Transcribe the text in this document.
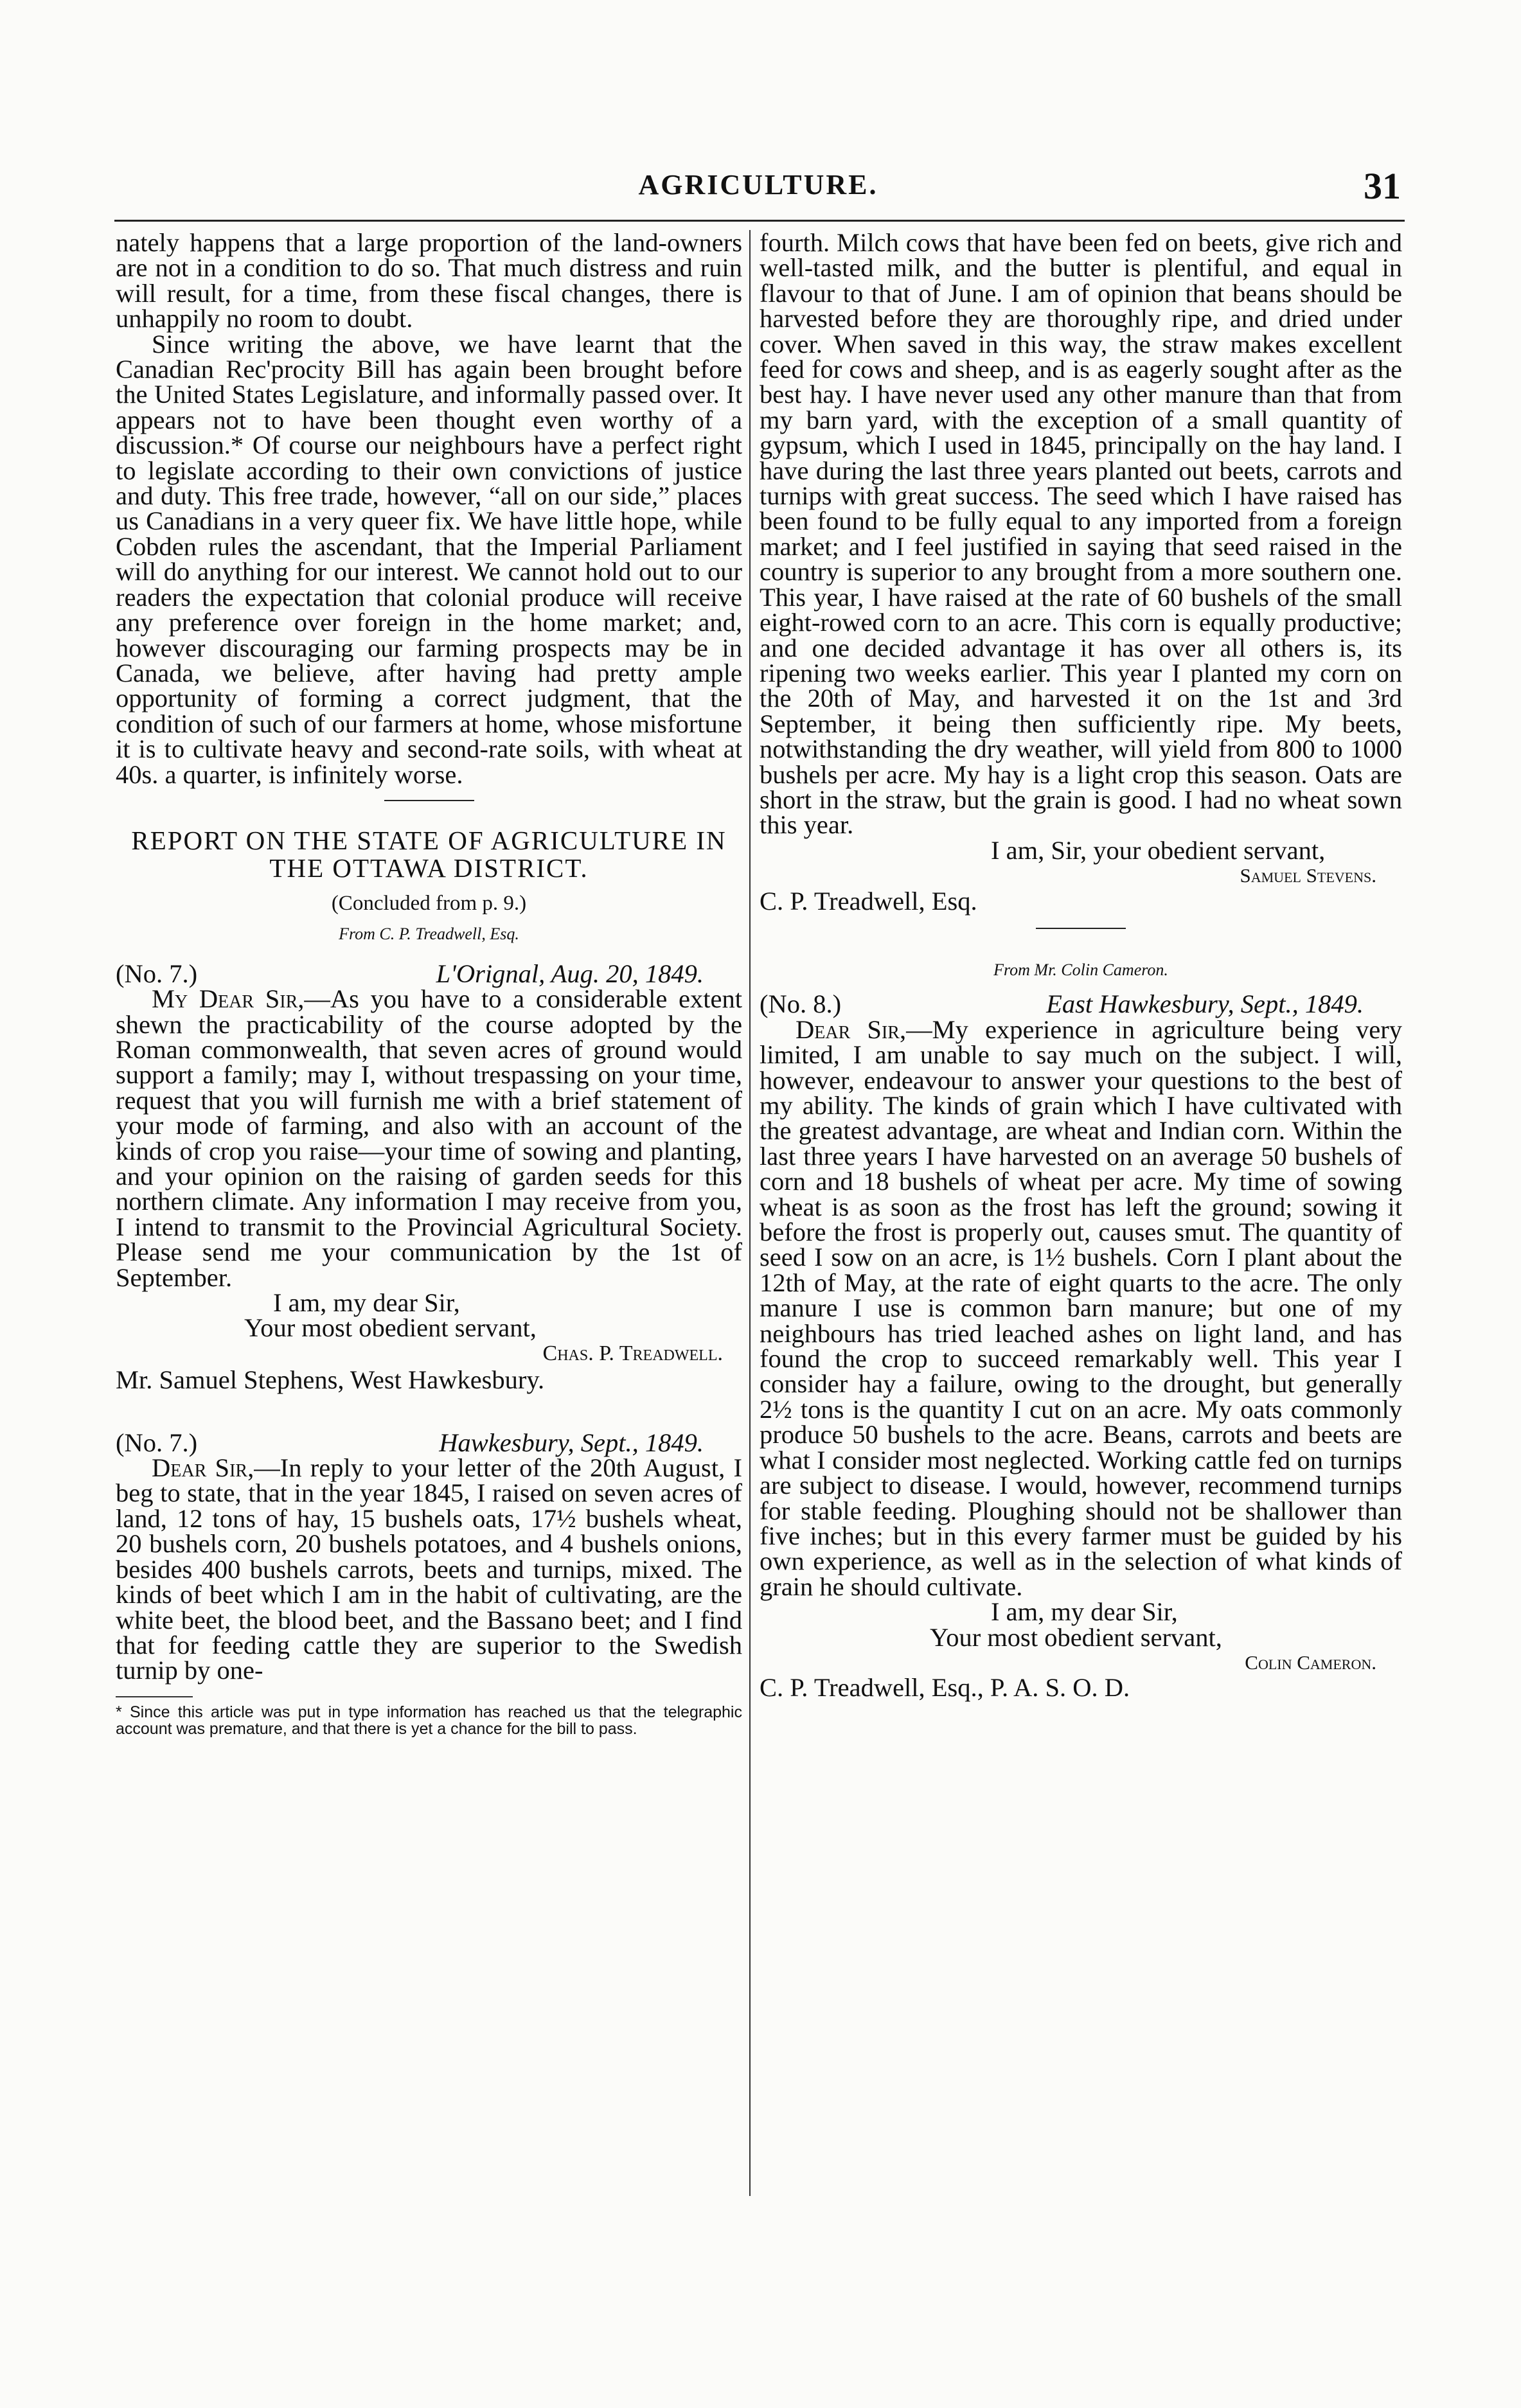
AGRICULTURE.	31

nately happens that a large proportion of the land-owners are not in a condition to do so. That much distress and ruin will result, for a time, from these fiscal changes, there is unhappily no room to doubt.

Since writing the above, we have learnt that the Canadian Rec'procity Bill has again been brought before the United States Legislature, and informally passed over. It appears not to have been thought even worthy of a discussion.* Of course our neighbours have a perfect right to legislate according to their own convictions of justice and duty. This free trade, however, “all on our side,” places us Canadians in a very queer fix. We have little hope, while Cobden rules the ascendant, that the Imperial Parliament will do anything for our interest. We cannot hold out to our readers the expectation that colonial produce will receive any preference over foreign in the home market; and, however discouraging our farming prospects may be in Canada, we believe, after having had pretty ample opportunity of forming a correct judgment, that the condition of such of our farmers at home, whose misfortune it is to cultivate heavy and second-rate soils, with wheat at 40s. a quarter, is infinitely worse.

REPORT ON THE STATE OF AGRICULTURE IN THE OTTAWA DISTRICT.

(Concluded from p. 9.)

From C. P. Treadwell, Esq.

(No. 7.)	L'Orignal, Aug. 20, 1849.

My Dear Sir,—As you have to a considerable extent shewn the practicability of the course adopted by the Roman commonwealth, that seven acres of ground would support a family; may I, without trespassing on your time, request that you will furnish me with a brief statement of your mode of farming, and also with an account of the kinds of crop you raise—your time of sowing and planting, and your opinion on the raising of garden seeds for this northern climate. Any information I may receive from you, I intend to transmit to the Provincial Agricultural Society. Please send me your communication by the 1st of September.

I am, my dear Sir,

Your most obedient servant,

Chas. P. Treadwell.

Mr. Samuel Stephens, West Hawkesbury.

(No. 7.)	Hawkesbury, Sept., 1849.

Dear Sir,—In reply to your letter of the 20th August, I beg to state, that in the year 1845, I raised on seven acres of land, 12 tons of hay, 15 bushels oats, 17½ bushels wheat, 20 bushels corn, 20 bushels potatoes, and 4 bushels onions, besides 400 bushels carrots, beets and turnips, mixed. The kinds of beet which I am in the habit of cultivating, are the white beet, the blood beet, and the Bassano beet; and I find that for feeding cattle they are superior to the Swedish turnip by one-

* Since this article was put in type information has reached us that the telegraphic account was premature, and that there is yet a chance for the bill to pass.

fourth. Milch cows that have been fed on beets, give rich and well-tasted milk, and the butter is plentiful, and equal in flavour to that of June. I am of opinion that beans should be harvested before they are thoroughly ripe, and dried under cover. When saved in this way, the straw makes excellent feed for cows and sheep, and is as eagerly sought after as the best hay. I have never used any other manure than that from my barn yard, with the exception of a small quantity of gypsum, which I used in 1845, principally on the hay land. I have during the last three years planted out beets, carrots and turnips with great success. The seed which I have raised has been found to be fully equal to any imported from a foreign market; and I feel justified in saying that seed raised in the country is superior to any brought from a more southern one. This year, I have raised at the rate of 60 bushels of the small eight-rowed corn to an acre. This corn is equally productive; and one decided advantage it has over all others is, its ripening two weeks earlier. This year I planted my corn on the 20th of May, and harvested it on the 1st and 3rd September, it being then sufficiently ripe. My beets, notwithstanding the dry weather, will yield from 800 to 1000 bushels per acre. My hay is a light crop this season. Oats are short in the straw, but the grain is good. I had no wheat sown this year.

I am, Sir, your obedient servant,

Samuel Stevens.

C. P. Treadwell, Esq.

From Mr. Colin Cameron.

(No. 8.)	East Hawkesbury, Sept., 1849.

Dear Sir,—My experience in agriculture being very limited, I am unable to say much on the subject. I will, however, endeavour to answer your questions to the best of my ability. The kinds of grain which I have cultivated with the greatest advantage, are wheat and Indian corn. Within the last three years I have harvested on an average 50 bushels of corn and 18 bushels of wheat per acre. My time of sowing wheat is as soon as the frost has left the ground; sowing it before the frost is properly out, causes smut. The quantity of seed I sow on an acre, is 1½ bushels. Corn I plant about the 12th of May, at the rate of eight quarts to the acre. The only manure I use is common barn manure; but one of my neighbours has tried leached ashes on light land, and has found the crop to succeed remarkably well. This year I consider hay a failure, owing to the drought, but generally 2½ tons is the quantity I cut on an acre. My oats commonly produce 50 bushels to the acre. Beans, carrots and beets are what I consider most neglected. Working cattle fed on turnips are subject to disease. I would, however, recommend turnips for stable feeding. Ploughing should not be shallower than five inches; but in this every farmer must be guided by his own experience, as well as in the selection of what kinds of grain he should cultivate.

I am, my dear Sir,

Your most obedient servant,

Colin Cameron.

C. P. Treadwell, Esq., P. A. S. O. D.
